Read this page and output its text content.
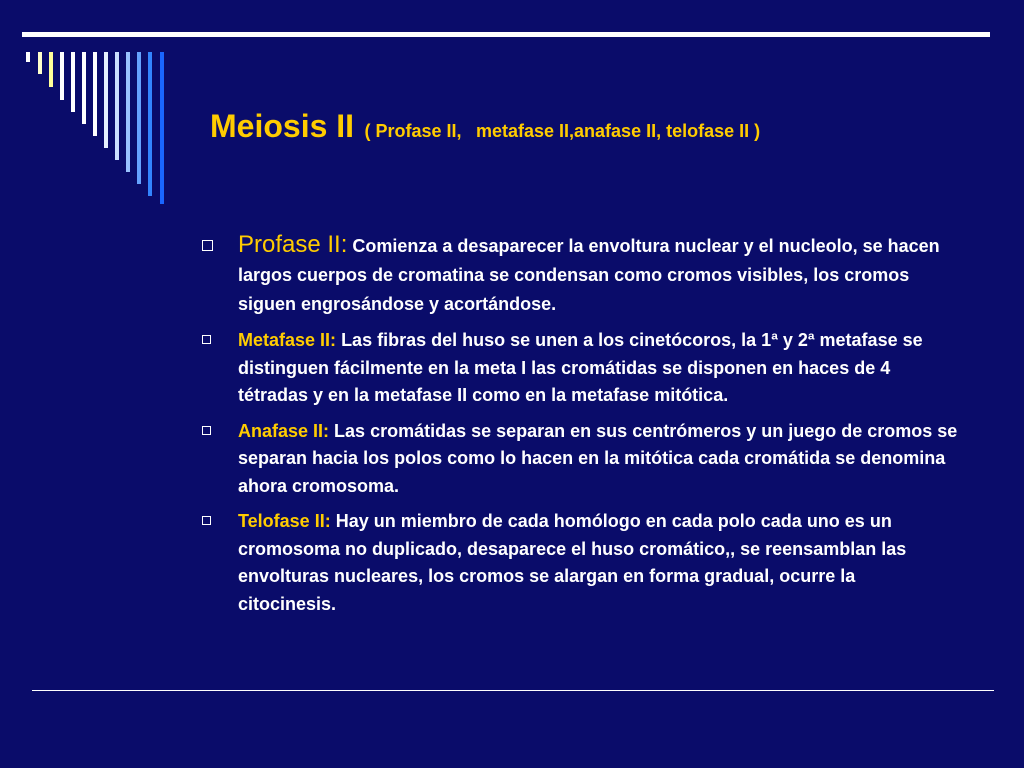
Meiosis II ( Profase II, metafase II,anafase II, telofase II )
Profase II: Comienza a desaparecer la envoltura nuclear y el nucleolo, se hacen largos cuerpos de cromatina se condensan como cromos visibles, los cromos siguen engrosándose y acortándose.
Metafase II: Las fibras del huso se unen a los cinetócoros, la 1ª y 2ª metafase se distinguen fácilmente en la meta I las cromátidas se disponen en haces de 4 tétradas y en la metafase II como en la metafase mitótica.
Anafase II: Las cromátidas se separan en sus centrómeros y un juego de cromos se separan hacia los polos como lo hacen en la mitótica cada cromátida se denomina ahora cromosoma.
Telofase II: Hay un miembro de cada homólogo en cada polo cada uno es un cromosoma no duplicado, desaparece el huso cromático,, se reensamblan las envolturas nucleares, los cromos se alargan en forma gradual, ocurre la citocinesis.
